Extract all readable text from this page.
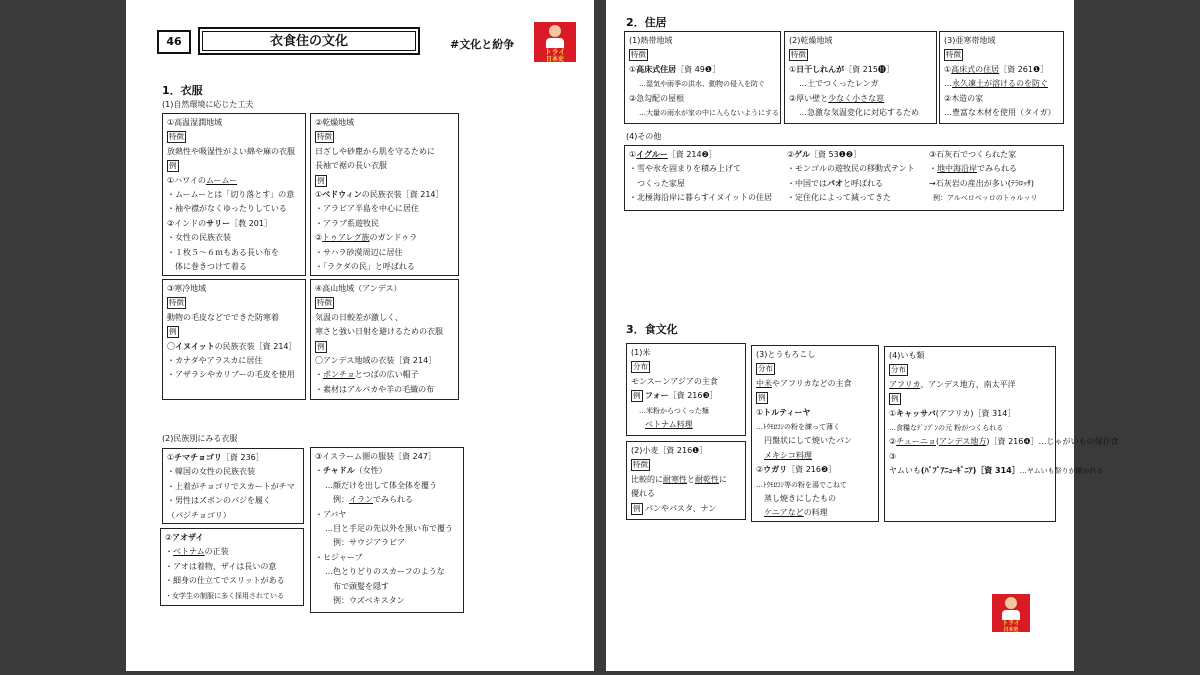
46	衣食住の文化	#文化と紛争
トライ
日本史
1．衣服
(1)自然環境に応じた工夫
①高温湿潤地域
特徴
放熱性や吸湿性がよい綿や麻の衣服
例
①ハワイのムームー
・ムームーとは「切り落とす」の意
・袖や襟がなくゆったりしている
②インドのサリー［教 201］
・女性の民族衣装
・１枚５～６ｍもある長い布を
体に巻きつけて着る
②乾燥地域
特徴
日ざしや砂塵から肌を守るために
長袖で裾の長い衣服
例
①ベドウィンの民族衣装［資 214］
・アラビア半島を中心に居住
・アラブ系遊牧民
②トゥアレグ族のガンドゥラ
・サハラ砂漠周辺に居住
・「ラクダの民」と呼ばれる
③寒冷地域
特徴
動物の毛皮などでできた防寒着
例
〇イヌイットの民族衣装［資 214］
・カナダやアラスカに居住
・アザラシやカリブーの毛皮を使用
④高山地域（アンデス）
特徴
気温の日較差が激しく、
寒さと強い日射を避けるための衣服
例
〇アンデス地域の衣装［資 214］
・ポンチョとつばの広い帽子
・素材はアルパカや羊の毛織の布
(2)民族別にみる衣服
①チマチョゴリ［資 236］
・韓国の女性の民族衣装
・上着がチョゴリでスカートがチマ
・男性はズボンのパジを履く
（パジチョゴリ）
②アオザイ
・ベトナムの正装
・アオは着物、ザイは長いの意
・細身の仕立てでスリットがある
・女学生の制服に多く採用されている
③イスラーム圏の服装［資 247］
・チャドル（女性）
…顔だけを出して体全体を覆う
例：イランでみられる
・アバヤ
…目と手足の先以外を黒い布で覆う
例：サウジアラビア
・ヒジャーブ
…色とりどりのスカーフのような
布で頭髪を隠す
例：ウズベキスタン
2．住居
(1)熱帯地域
特徴
①高床式住居［資 49❶］
…湿気や雨季の洪水、動物の侵入を防ぐ
②急勾配の屋根
…大量の雨水が家の中に入らないようにする
(2)乾燥地域
特徴
①日干しれんが［資 215⓫］
…土でつくったレンガ
②厚い壁と少なく小さな窓
…急激な気温変化に対応するため
(3)亜寒帯地域
特徴
①高床式の住居［資 261❶］
…永久凍土が溶けるのを防ぐ
②木造の家
…豊富な木材を使用（タイガ）
(4)その他
①イグルー［資 214❷］
・雪や氷を固まりを積み上げて
つくった家屋
・北極海沿岸に暮らすイヌイットの住居
②ゲル［資 53❶❷］
・モンゴルの遊牧民の移動式テント
・中国ではパオと呼ばれる
・定住化によって減ってきた
③石灰石でつくられた家
・地中海沿岸でみられる
→石灰岩の産出が多い(ﾃﾗﾛｯｻ)
例：アルベロベッロのトゥルッリ
3．食文化
(1)米
分布
モンスーンアジアの主食
例 フォー［資 216❸］
…米粉からつくった麺
ベトナム料理
(2)小麦［資 216❶］
特徴
比較的に耐寒性と耐乾性に
優れる
例 パンやパスタ、ナン
(3)とうもろこし
分布
中米やアフリカなどの主食
例
①トルティーヤ
…ﾄｳﾓﾛｺｼの粉を練って薄く
円盤状にして焼いたパン
メキシコ料理
②ウガリ［資 216❷］
…ﾄｳﾓﾛｺｼ等の粉を湯でこねて
蒸し焼きにしたもの
ケニアなどの料理
(4)いも類
分布
アフリカ、アンデス地方、南太平洋
例
①キャッサバ(アフリカ)［資 314］
…食糧なﾃﾞﾝﾌﾟﾝの元 粉がつくられる
②チューニョ(アンデス地方)［資 216❹］…じゃがいもの保存食
③
ヤムいも(ﾊﾟﾌﾟｱﾆｭｰｷﾞﾆｱ)［資 314］…ヤムいも祭りが開かれる
トライ
日本史
